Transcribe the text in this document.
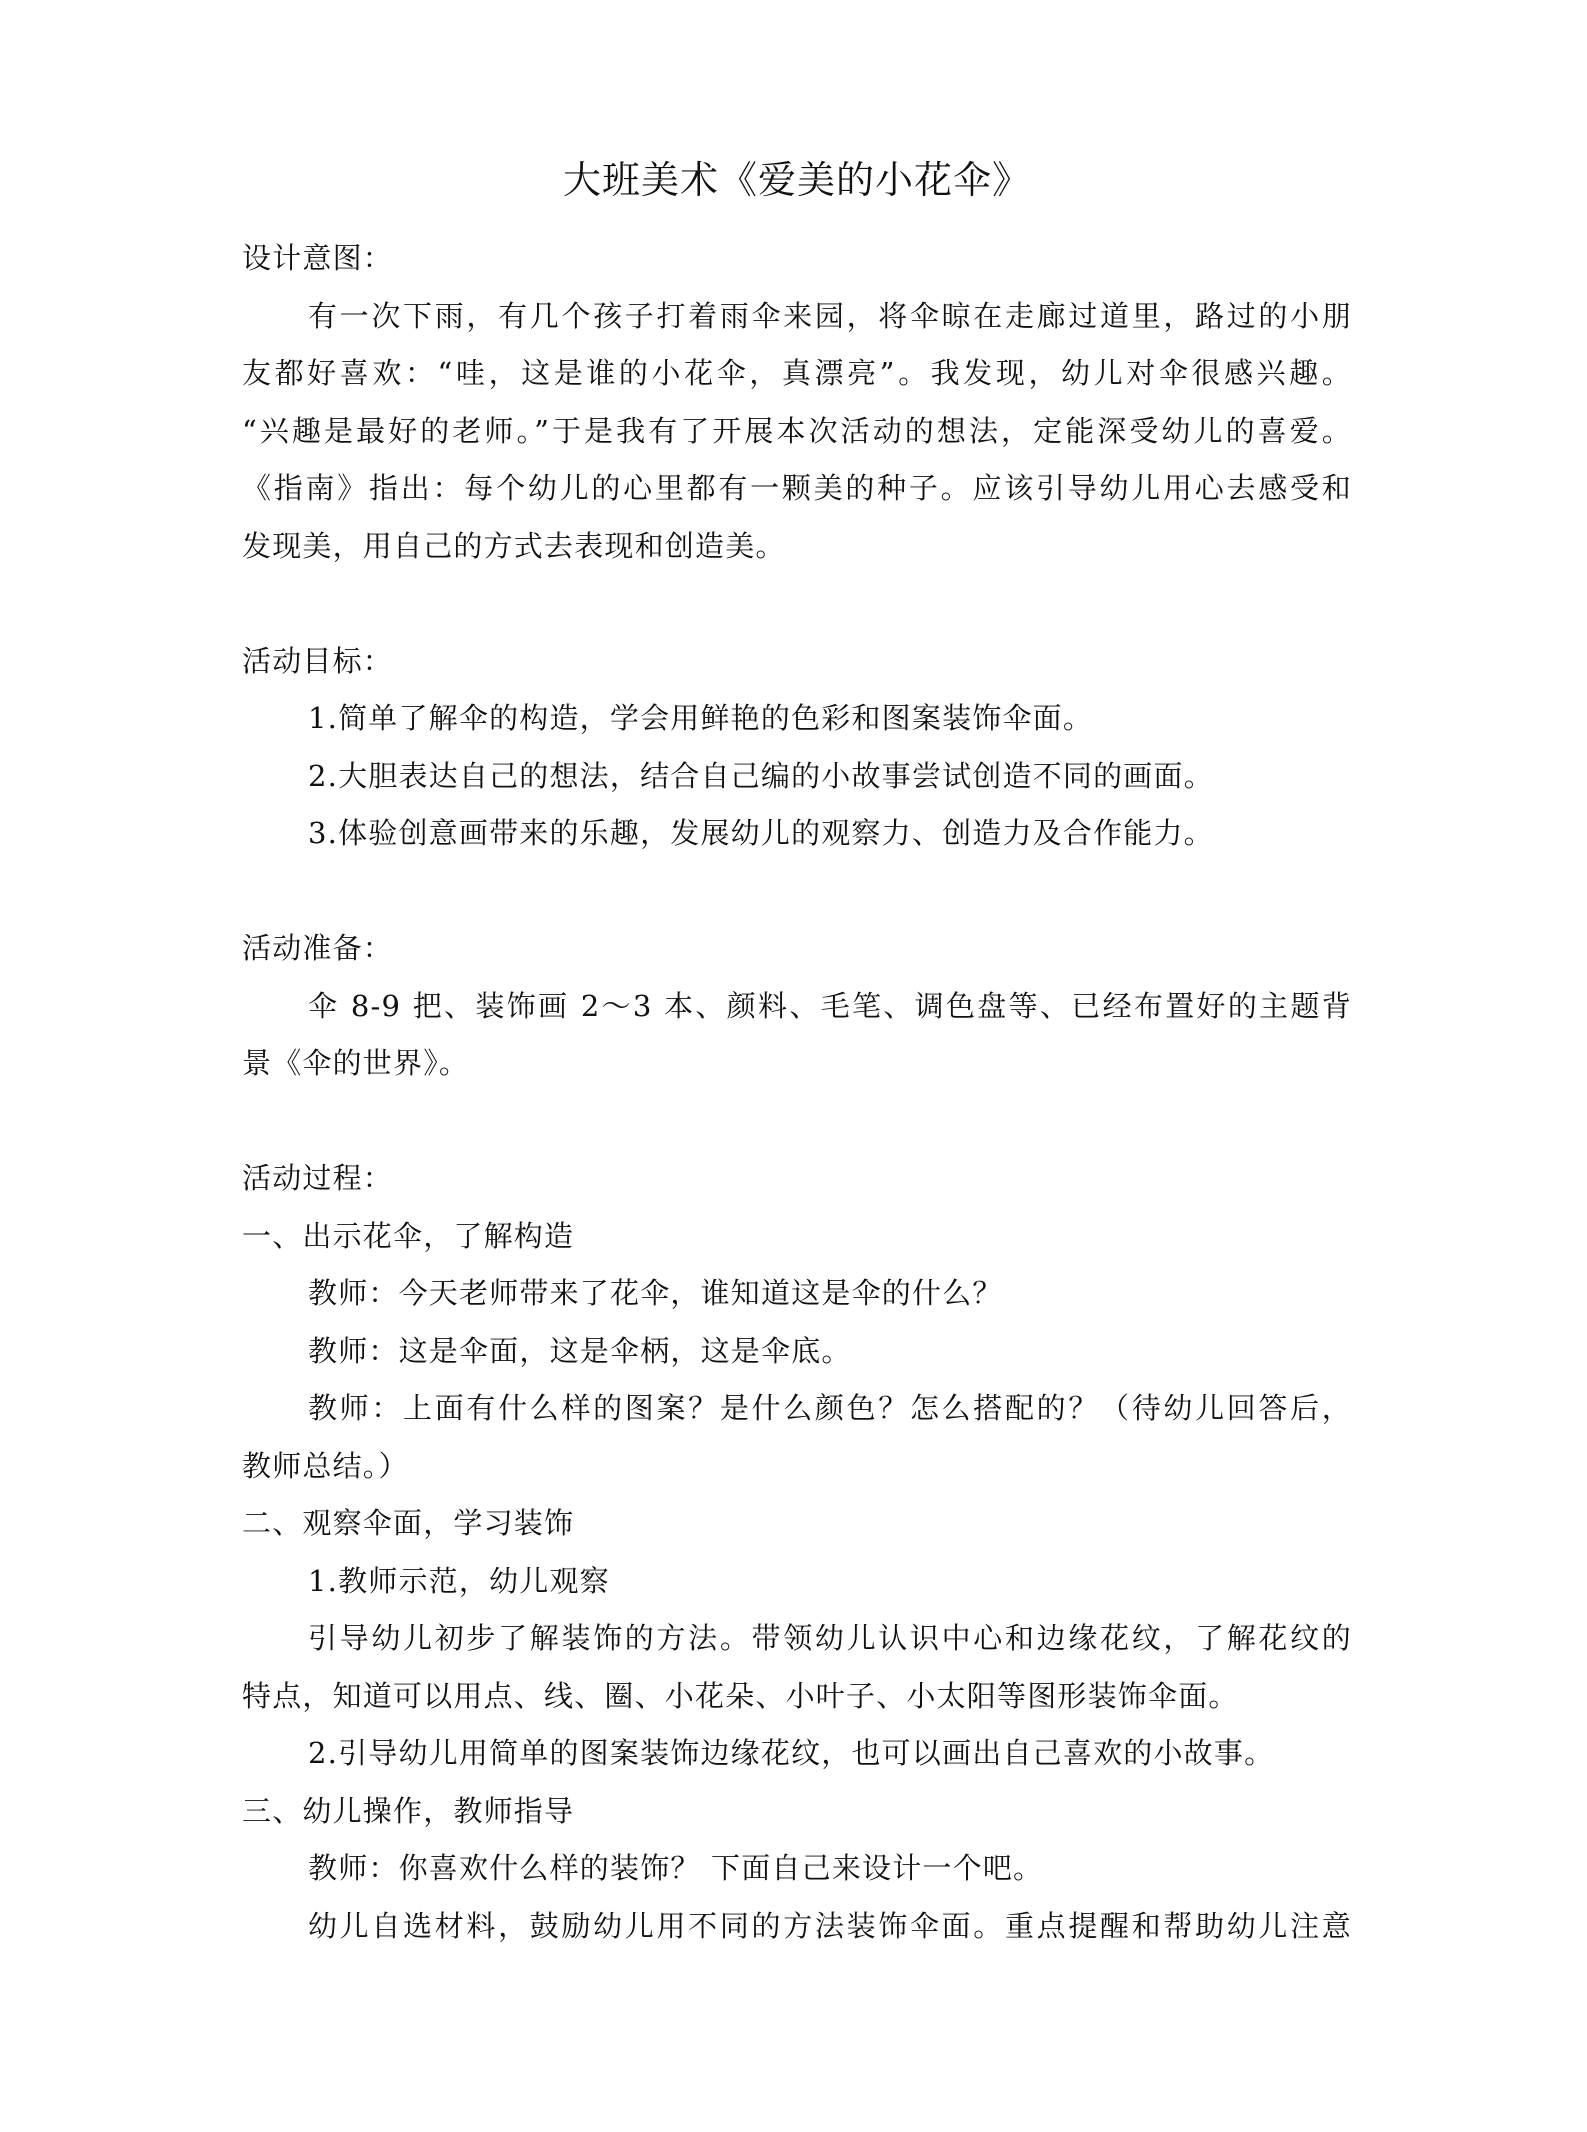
大班美术《爱美的小花伞》

设计意图：

有一次下雨，有几个孩子打着雨伞来园，将伞晾在走廊过道里，路过的小朋

友都好喜欢：“哇，这是谁的小花伞，真漂亮”。我发现，幼儿对伞很感兴趣。

“兴趣是最好的老师。”于是我有了开展本次活动的想法，定能深受幼儿的喜爱。

《指南》指出：每个幼儿的心里都有一颗美的种子。应该引导幼儿用心去感受和

发现美，用自己的方式去表现和创造美。

活动目标：

1.简单了解伞的构造，学会用鲜艳的色彩和图案装饰伞面。

2.大胆表达自己的想法，结合自己编的小故事尝试创造不同的画面。

3.体验创意画带来的乐趣，发展幼儿的观察力、创造力及合作能力。

活动准备：

伞 8-9 把、装饰画 2～3 本、颜料、毛笔、调色盘等、已经布置好的主题背

景《伞的世界》。

活动过程：

一、出示花伞，了解构造

教师：今天老师带来了花伞，谁知道这是伞的什么？

教师：这是伞面，这是伞柄，这是伞底。

教师：上面有什么样的图案？是什么颜色？怎么搭配的？（待幼儿回答后，

教师总结。）

二、观察伞面，学习装饰

1.教师示范，幼儿观察

引导幼儿初步了解装饰的方法。带领幼儿认识中心和边缘花纹，了解花纹的

特点，知道可以用点、线、圈、小花朵、小叶子、小太阳等图形装饰伞面。

2.引导幼儿用简单的图案装饰边缘花纹，也可以画出自己喜欢的小故事。

三、幼儿操作，教师指导

教师：你喜欢什么样的装饰？ 下面自己来设计一个吧。

幼儿自选材料，鼓励幼儿用不同的方法装饰伞面。重点提醒和帮助幼儿注意
